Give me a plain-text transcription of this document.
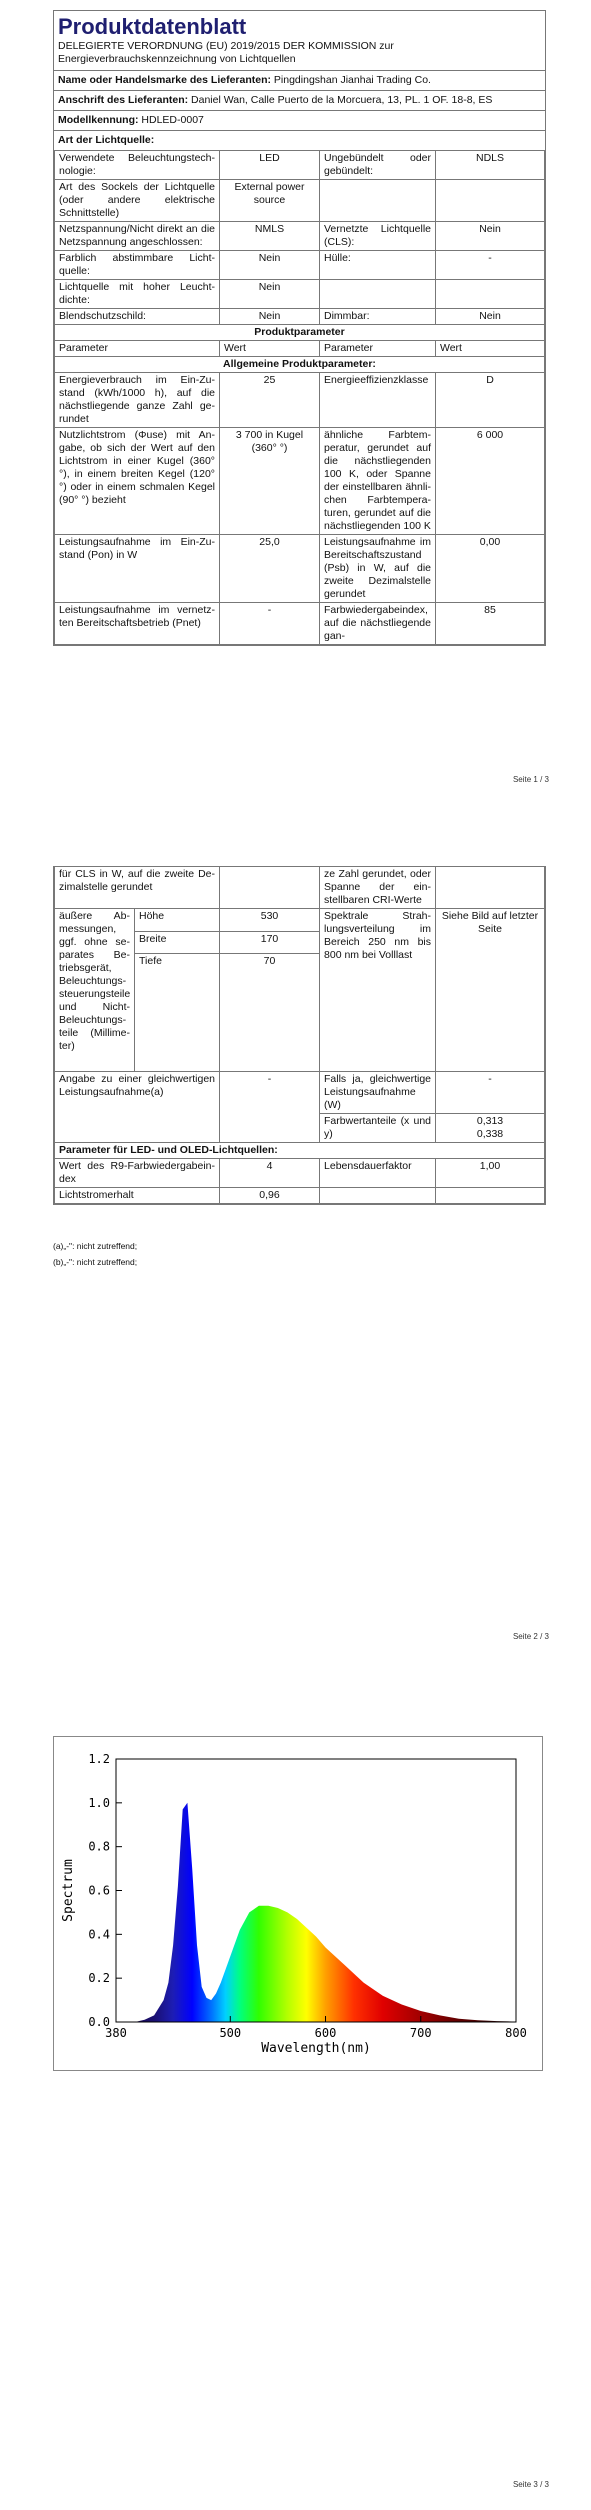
Produktdatenblatt
DELEGIERTE VERORDNUNG (EU) 2019/2015 DER KOMMISSION zur Energieverbrauchskennzeichnung von Lichtquellen
Name oder Handelsmarke des Lieferanten: Pingdingshan Jianhai Trading Co.
Anschrift des Lieferanten: Daniel Wan, Calle Puerto de la Morcuera, 13, PL. 1 OF. 18-8, ES
Modellkennung: HDLED-0007
Art der Lichtquelle:
Verwendete Beleuchtungstechnologie:	LED	Ungebündelt oder gebündelt:	NDLS
Art des Sockels der Lichtquelle (oder andere elektrische Schnittstelle)	External power source		
Netzspannung/Nicht direkt an die Netzspannung angeschlossen:	NMLS	Vernetzte Lichtquelle (CLS):	Nein
Farblich abstimmbare Lichtquelle:	Nein	Hülle:	-
Lichtquelle mit hoher Leuchtdichte:	Nein		
Blendschutzschild:	Nein	Dimmbar:	Nein
Produktparameter			
Parameter	Wert	Parameter	Wert
Allgemeine Produktparameter:			
Energieverbrauch im Ein-Zustand (kWh/1000 h), auf die nächstliegende ganze Zahl gerundet	25	Energieeffizienzklasse	D
Nutzlichtstrom (Φuse) mit Angabe, ob sich der Wert auf den Lichtstrom in einer Kugel (360° °), in einem breiten Kegel (120° °) oder in einem schmalen Kegel (90° °) bezieht	3 700 in Kugel (360° °)	ähnliche Farbtemperatur, gerundet auf die nächstliegenden 100 K, oder Spanne der einstellbaren ähnlichen Farbtemperaturen, gerundet auf die nächstliegenden 100 K	6 000
Leistungsaufnahme im Ein-Zustand (Pon) in W	25,0	Leistungsaufnahme im Bereitschaftszustand (Psb) in W, auf die zweite Dezimalstelle gerundet	0,00
Leistungsaufnahme im vernetzten Bereitschaftsbetrieb (Pnet)	-	Farbwiedergabeindex, auf die nächstliegende gan-	85
Seite 1 / 3
für CLS in W, auf die zweite Dezimalstelle gerundet			ze Zahl gerundet, oder Spanne der einstellbaren CRI-Werte	
äußere Abmessungen, ggf. ohne separates Betriebsgerät, Beleuchtungssteuerungsteile und Nicht-Beleuchtungsteile (Millimeter)	Höhe	530	Spektrale Strahlungsverteilung im Bereich 250 nm bis 800 nm bei Volllast	Siehe Bild auf letzter Seite
	Breite	170		
	Tiefe	70		
Angabe zu einer gleichwertigen Leistungsaufnahme(a)		-	Falls ja, gleichwertige Leistungsaufnahme (W)	-
			Farbwertanteile (x und y)	0,313 0,338
Parameter für LED- und OLED-Lichtquellen:				
Wert des R9-Farbwiedergabeindex		4	Lebensdauerfaktor	1,00
Lichtstromerhalt		0,96		
(a)„-": nicht zutreffend;
(b)„-": nicht zutreffend;
Seite 2 / 3
0.0
0.2
0.4
0.6
0.8
1.0
1.2
380	500	600	700	800
Wavelength(nm)
Spectrum
Seite 3 / 3
